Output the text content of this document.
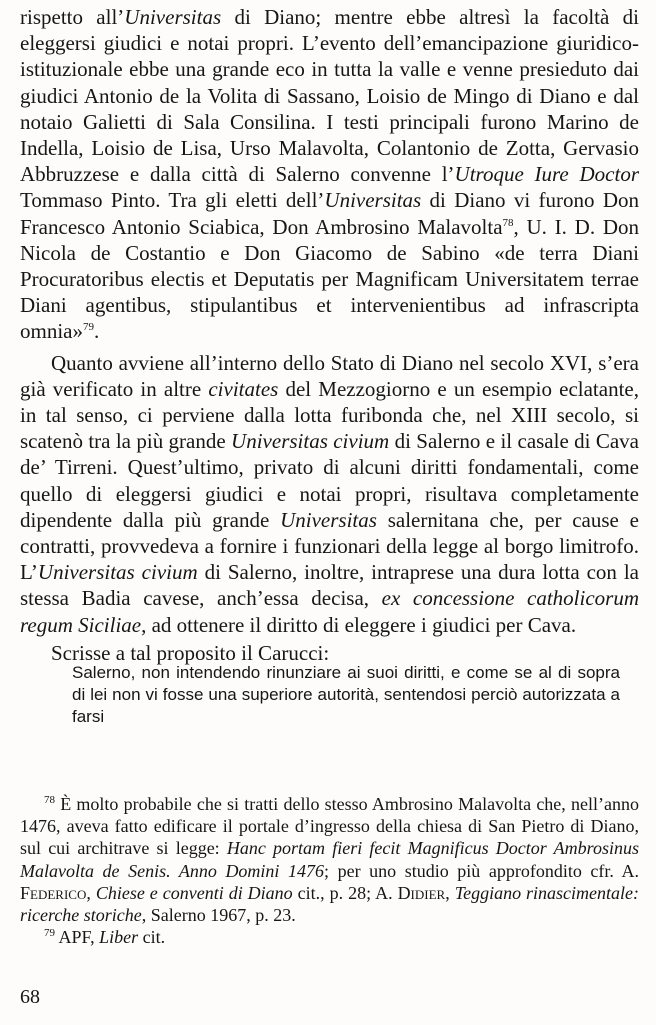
rispetto all’Universitas di Diano; mentre ebbe altresì la facoltà di eleggersi giudici e notai propri. L’evento dell’emancipazione giuridico-istituzionale ebbe una grande eco in tutta la valle e venne presieduto dai giudici Antonio de la Volita di Sassano, Loisio de Mingo di Diano e dal notaio Galietti di Sala Consilina. I testi principali furono Marino de Indella, Loisio de Lisa, Urso Malavolta, Colantonio de Zotta, Gervasio Abbruzzese e dalla città di Salerno convenne l’Utroque Iure Doctor Tommaso Pinto. Tra gli eletti dell’Universitas di Diano vi furono Don Francesco Antonio Sciabica, Don Ambrosino Malavolta$^{78}$, U. I. D. Don Nicola de Costantio e Don Giacomo de Sabino «de terra Diani Procuratoribus electis et Deputatis per Magnificam Universitatem terrae Diani agentibus, stipulantibus et intervenientibus ad infrascripta omnia»$^{79}$.

Quanto avviene all’interno dello Stato di Diano nel secolo XVI, s’era già verificato in altre civitates del Mezzogiorno e un esempio eclatante, in tal senso, ci perviene dalla lotta furibonda che, nel XIII secolo, si scatenò tra la più grande Universitas civium di Salerno e il casale di Cava de’ Tirreni. Quest’ultimo, privato di alcuni diritti fondamentali, come quello di eleggersi giudici e notai propri, risultava completamente dipendente dalla più grande Universitas salernitana che, per cause e contratti, provvedeva a fornire i funzionari della legge al borgo limitrofo. L’Universitas civium di Salerno, inoltre, intraprese una dura lotta con la stessa Badia cavese, anch’essa decisa, ex concessione catholicorum regum Siciliae, ad ottenere il diritto di eleggere i giudici per Cava.

Scrisse a tal proposito il Carucci:

Salerno, non intendendo rinunziare ai suoi diritti, e come se al di sopra di lei non vi fosse una superiore autorità, sentendosi perciò autorizzata a farsi

$^{78}$ È molto probabile che si tratti dello stesso Ambrosino Malavolta che, nell’anno 1476, aveva fatto edificare il portale d’ingresso della chiesa di San Pietro di Diano, sul cui architrave si legge: Hanc portam fieri fecit Magnificus Doctor Ambrosinus Malavolta de Senis. Anno Domini 1476; per uno studio più approfondito cfr. A. Federico, Chiese e conventi di Diano cit., p. 28; A. Didier, Teggiano rinascimentale: ricerche storiche, Salerno 1967, p. 23.

$^{79}$ APF, Liber cit.

68
